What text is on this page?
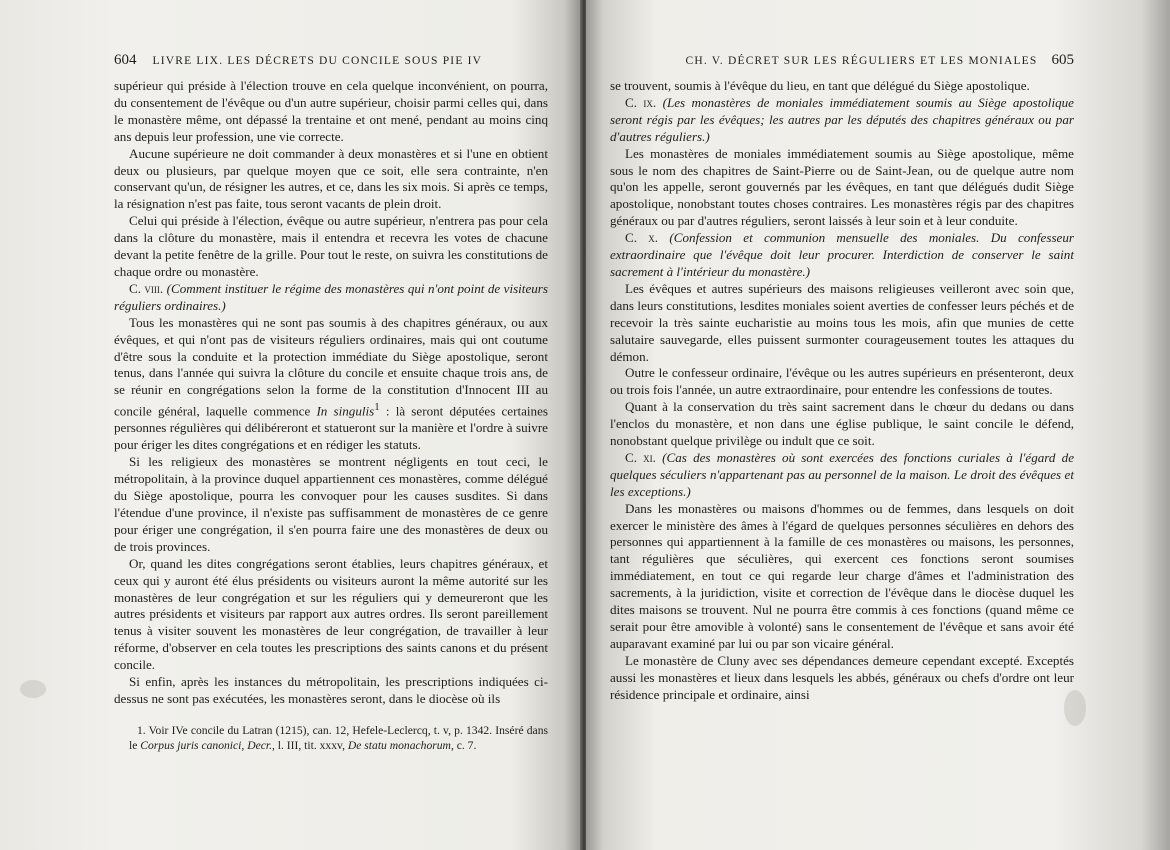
604 LIVRE LIX. LES DÉCRETS DU CONCILE SOUS PIE IV

supérieur qui préside à l'élection trouve en cela quelque inconvénient, on pourra, du consentement de l'évêque ou d'un autre supérieur, choisir parmi celles qui, dans le monastère même, ont dépassé la trentaine et ont mené, pendant au moins cinq ans depuis leur profession, une vie correcte.

Aucune supérieure ne doit commander à deux monastères et si l'une en obtient deux ou plusieurs, par quelque moyen que ce soit, elle sera contrainte, n'en conservant qu'un, de résigner les autres, et ce, dans les six mois. Si après ce temps, la résignation n'est pas faite, tous seront vacants de plein droit.

Celui qui préside à l'élection, évêque ou autre supérieur, n'entrera pas pour cela dans la clôture du monastère, mais il entendra et recevra les votes de chacune devant la petite fenêtre de la grille. Pour tout le reste, on suivra les constitutions de chaque ordre ou monastère.

C. viii. (Comment instituer le régime des monastères qui n'ont point de visiteurs réguliers ordinaires.)

Tous les monastères qui ne sont pas soumis à des chapitres généraux, ou aux évêques, et qui n'ont pas de visiteurs réguliers ordinaires, mais qui ont coutume d'être sous la conduite et la protection immédiate du Siège apostolique, seront tenus, dans l'année qui suivra la clôture du concile et ensuite chaque trois ans, de se réunir en congrégations selon la forme de la constitution d'Innocent III au concile général, laquelle commence In singulis$^1$ : là seront députées certaines personnes régulières qui délibéreront et statueront sur la manière et l'ordre à suivre pour ériger les dites congrégations et en rédiger les statuts.

Si les religieux des monastères se montrent négligents en tout ceci, le métropolitain, à la province duquel appartiennent ces monastères, comme délégué du Siège apostolique, pourra les convoquer pour les causes susdites. Si dans l'étendue d'une province, il n'existe pas suffisamment de monastères de ce genre pour ériger une congrégation, il s'en pourra faire une des monastères de deux ou de trois provinces.

Or, quand les dites congrégations seront établies, leurs chapitres généraux, et ceux qui y auront été élus présidents ou visiteurs auront la même autorité sur les monastères de leur congrégation et sur les réguliers qui y demeureront que les autres présidents et visiteurs par rapport aux autres ordres. Ils seront pareillement tenus à visiter souvent les monastères de leur congrégation, de travailler à leur réforme, d'observer en cela toutes les prescriptions des saints canons et du présent concile.

Si enfin, après les instances du métropolitain, les prescriptions indiquées ci-dessus ne sont pas exécutées, les monastères seront, dans le diocèse où ils

1. Voir IVe concile du Latran (1215), can. 12, Hefele-Leclercq, t. v, p. 1342. Inséré dans le Corpus juris canonici, Decr., l. III, tit. xxxv, De statu monachorum, c. 7.
CH. V. DÉCRET SUR LES RÉGULIERS ET LES MONIALES 605

se trouvent, soumis à l'évêque du lieu, en tant que délégué du Siège apostolique.

C. ix. (Les monastères de moniales immédiatement soumis au Siège apostolique seront régis par les évêques; les autres par les députés des chapitres généraux ou par d'autres réguliers.)

Les monastères de moniales immédiatement soumis au Siège apostolique, même sous le nom des chapitres de Saint-Pierre ou de Saint-Jean, ou de quelque autre nom qu'on les appelle, seront gouvernés par les évêques, en tant que délégués dudit Siège apostolique, nonobstant toutes choses contraires. Les monastères régis par des chapitres généraux ou par d'autres réguliers, seront laissés à leur soin et à leur conduite.

C. x. (Confession et communion mensuelle des moniales. Du confesseur extraordinaire que l'évêque doit leur procurer. Interdiction de conserver le saint sacrement à l'intérieur du monastère.)

Les évêques et autres supérieurs des maisons religieuses veilleront avec soin que, dans leurs constitutions, lesdites moniales soient averties de confesser leurs péchés et de recevoir la très sainte eucharistie au moins tous les mois, afin que munies de cette salutaire sauvegarde, elles puissent surmonter courageusement toutes les attaques du démon.

Outre le confesseur ordinaire, l'évêque ou les autres supérieurs en présenteront, deux ou trois fois l'année, un autre extraordinaire, pour entendre les confessions de toutes.

Quant à la conservation du très saint sacrement dans le chœur du dedans ou dans l'enclos du monastère, et non dans une église publique, le saint concile le défend, nonobstant quelque privilège ou indult que ce soit.

C. xi. (Cas des monastères où sont exercées des fonctions curiales à l'égard de quelques séculiers n'appartenant pas au personnel de la maison. Le droit des évêques et les exceptions.)

Dans les monastères ou maisons d'hommes ou de femmes, dans lesquels on doit exercer le ministère des âmes à l'égard de quelques personnes séculières en dehors des personnes qui appartiennent à la famille de ces monastères ou maisons, les personnes, tant régulières que séculières, qui exercent ces fonctions seront soumises immédiatement, en tout ce qui regarde leur charge d'âmes et l'administration des sacrements, à la juridiction, visite et correction de l'évêque dans le diocèse duquel les dites maisons se trouvent. Nul ne pourra être commis à ces fonctions (quand même ce serait pour être amovible à volonté) sans le consentement de l'évêque et sans avoir été auparavant examiné par lui ou par son vicaire général.

Le monastère de Cluny avec ses dépendances demeure cependant excepté. Exceptés aussi les monastères et lieux dans lesquels les abbés, généraux ou chefs d'ordre ont leur résidence principale et ordinaire, ainsi
